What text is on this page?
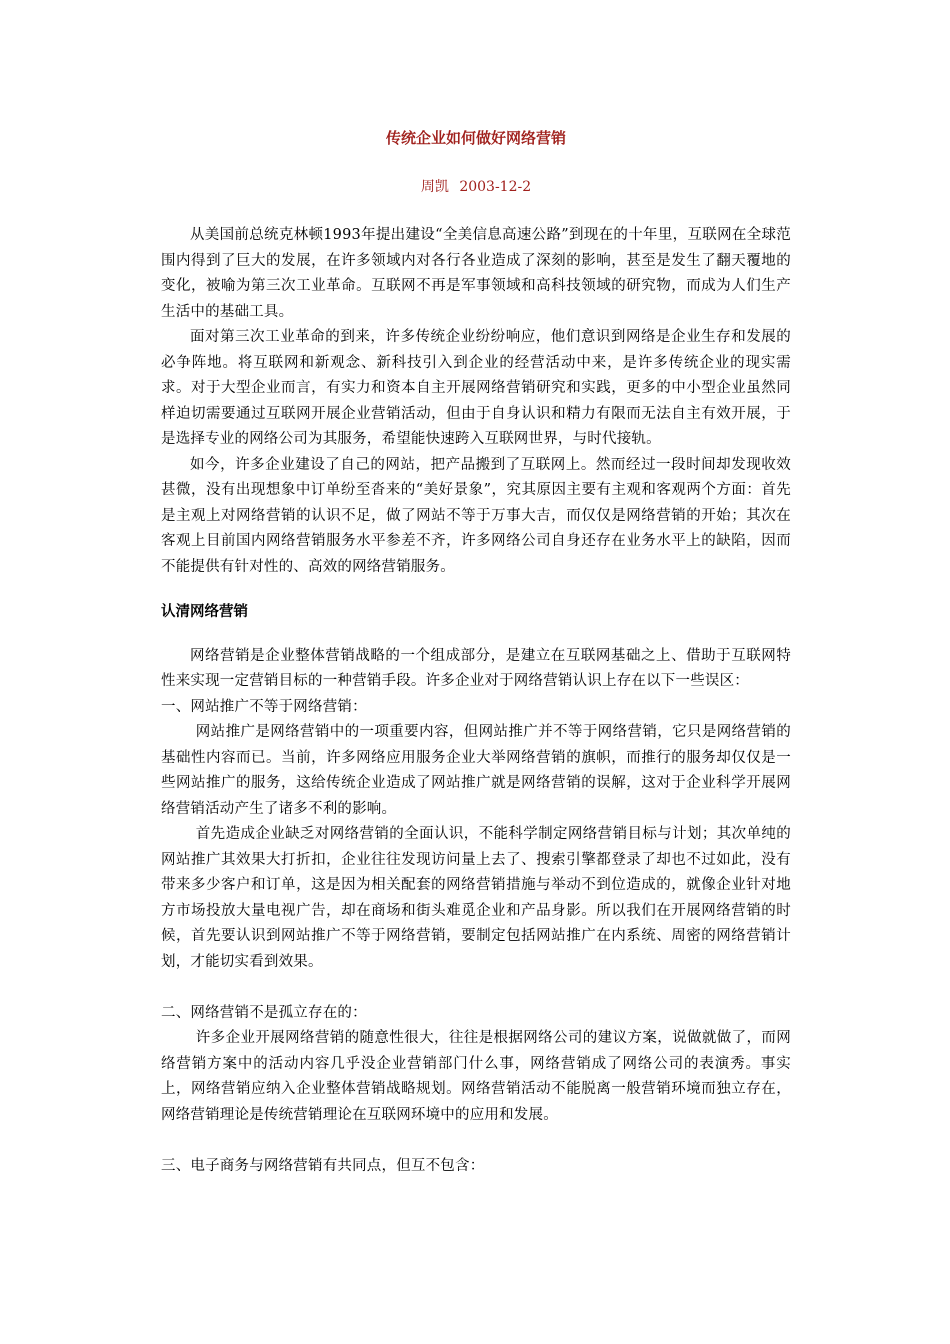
传统企业如何做好网络营销
周凯 2003-12-2

从美国前总统克林顿1993年提出建设“全美信息高速公路”到现在的十年里，互联网在全球范围内得到了巨大的发展，在许多领域内对各行各业造成了深刻的影响，甚至是发生了翻天覆地的变化，被喻为第三次工业革命。互联网不再是军事领域和高科技领域的研究物，而成为人们生产生活中的基础工具。

面对第三次工业革命的到来，许多传统企业纷纷响应，他们意识到网络是企业生存和发展的必争阵地。将互联网和新观念、新科技引入到企业的经营活动中来，是许多传统企业的现实需求。对于大型企业而言，有实力和资本自主开展网络营销研究和实践，更多的中小型企业虽然同样迫切需要通过互联网开展企业营销活动，但由于自身认识和精力有限而无法自主有效开展，于是选择专业的网络公司为其服务，希望能快速跨入互联网世界，与时代接轨。

如今，许多企业建设了自己的网站，把产品搬到了互联网上。然而经过一段时间却发现收效甚微，没有出现想象中订单纷至沓来的“美好景象”，究其原因主要有主观和客观两个方面：首先是主观上对网络营销的认识不足，做了网站不等于万事大吉，而仅仅是网络营销的开始；其次在客观上目前国内网络营销服务水平参差不齐，许多网络公司自身还存在业务水平上的缺陷，因而不能提供有针对性的、高效的网络营销服务。

认清网络营销

网络营销是企业整体营销战略的一个组成部分，是建立在互联网基础之上、借助于互联网特性来实现一定营销目标的一种营销手段。许多企业对于网络营销认识上存在以下一些误区：

一、网站推广不等于网络营销：

网站推广是网络营销中的一项重要内容，但网站推广并不等于网络营销，它只是网络营销的基础性内容而已。当前，许多网络应用服务企业大举网络营销的旗帜，而推行的服务却仅仅是一些网站推广的服务，这给传统企业造成了网站推广就是网络营销的误解，这对于企业科学开展网络营销活动产生了诸多不利的影响。

首先造成企业缺乏对网络营销的全面认识，不能科学制定网络营销目标与计划；其次单纯的网站推广其效果大打折扣，企业往往发现访问量上去了、搜索引擎都登录了却也不过如此，没有带来多少客户和订单，这是因为相关配套的网络营销措施与举动不到位造成的，就像企业针对地方市场投放大量电视广告，却在商场和街头难觅企业和产品身影。所以我们在开展网络营销的时候，首先要认识到网站推广不等于网络营销，要制定包括网站推广在内系统、周密的网络营销计划，才能切实看到效果。

二、网络营销不是孤立存在的：

许多企业开展网络营销的随意性很大，往往是根据网络公司的建议方案，说做就做了，而网络营销方案中的活动内容几乎没企业营销部门什么事，网络营销成了网络公司的表演秀。事实上，网络营销应纳入企业整体营销战略规划。网络营销活动不能脱离一般营销环境而独立存在，网络营销理论是传统营销理论在互联网环境中的应用和发展。

三、电子商务与网络营销有共同点，但互不包含：
